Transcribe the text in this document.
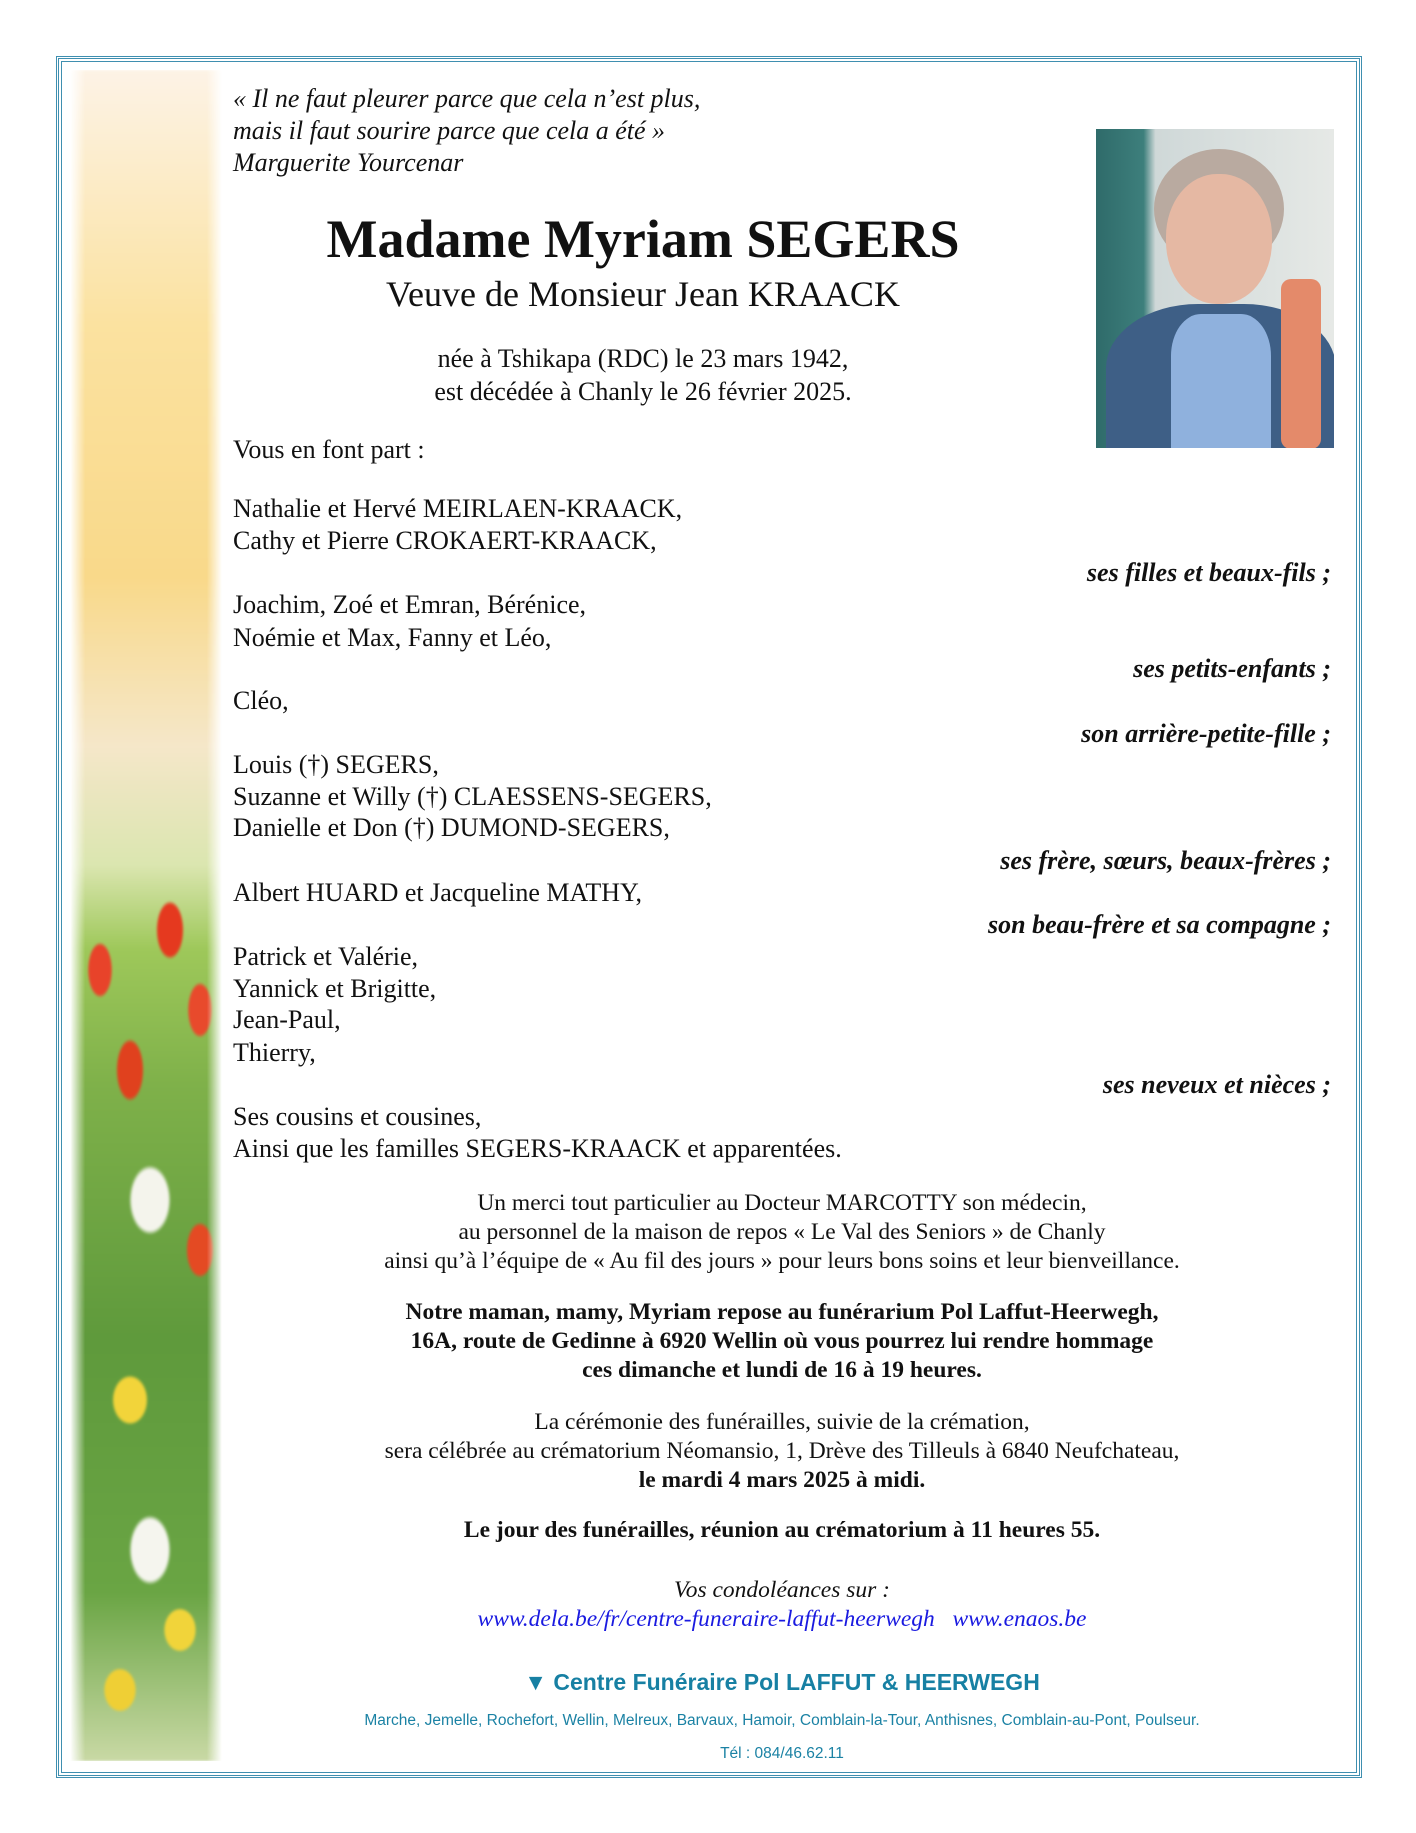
« Il ne faut pleurer parce que cela n’est plus,
mais il faut sourire parce que cela a été »
Marguerite Yourcenar
Madame Myriam SEGERS
Veuve de Monsieur Jean KRAACK
née à Tshikapa (RDC) le 23 mars 1942,
est décédée à Chanly le 26 février 2025.
Vous en font part :
Nathalie et Hervé MEIRLAEN-KRAACK,
Cathy et Pierre CROKAERT-KRAACK,
ses filles et beaux-fils ;
Joachim, Zoé et Emran, Bérénice,
Noémie et Max, Fanny et Léo,
ses petits-enfants ;
Cléo,
son arrière-petite-fille ;
Louis (†) SEGERS,
Suzanne et Willy (†) CLAESSENS-SEGERS,
Danielle et Don (†) DUMOND-SEGERS,
ses frère, sœurs, beaux-frères ;
Albert HUARD et Jacqueline MATHY,
son beau-frère et sa compagne ;
Patrick et Valérie,
Yannick et Brigitte,
Jean-Paul,
Thierry,
ses neveux et nièces ;
Ses cousins et cousines,
Ainsi que les familles SEGERS-KRAACK et apparentées.
Un merci tout particulier au Docteur MARCOTTY son médecin,
au personnel de la maison de repos « Le Val des Seniors » de Chanly
ainsi qu’à l’équipe de « Au fil des jours » pour leurs bons soins et leur bienveillance.
Notre maman, mamy, Myriam repose au funérarium Pol Laffut-Heerwegh,
16A, route de Gedinne à 6920 Wellin où vous pourrez lui rendre hommage
ces dimanche et lundi de 16 à 19 heures.
La cérémonie des funérailles, suivie de la crémation,
sera célébrée au crématorium Néomansio, 1, Drève des Tilleuls à 6840 Neufchateau,
le mardi 4 mars 2025 à midi.
Le jour des funérailles, réunion au crématorium à 11 heures 55.
Vos condoléances sur :
www.dela.be/fr/centre-funeraire-laffut-heerwegh www.enaos.be
▼ Centre Funéraire Pol LAFFUT & HEERWEGH
Marche, Jemelle, Rochefort, Wellin, Melreux, Barvaux, Hamoir, Comblain-la-Tour, Anthisnes, Comblain-au-Pont, Poulseur.
Tél : 084/46.62.11
